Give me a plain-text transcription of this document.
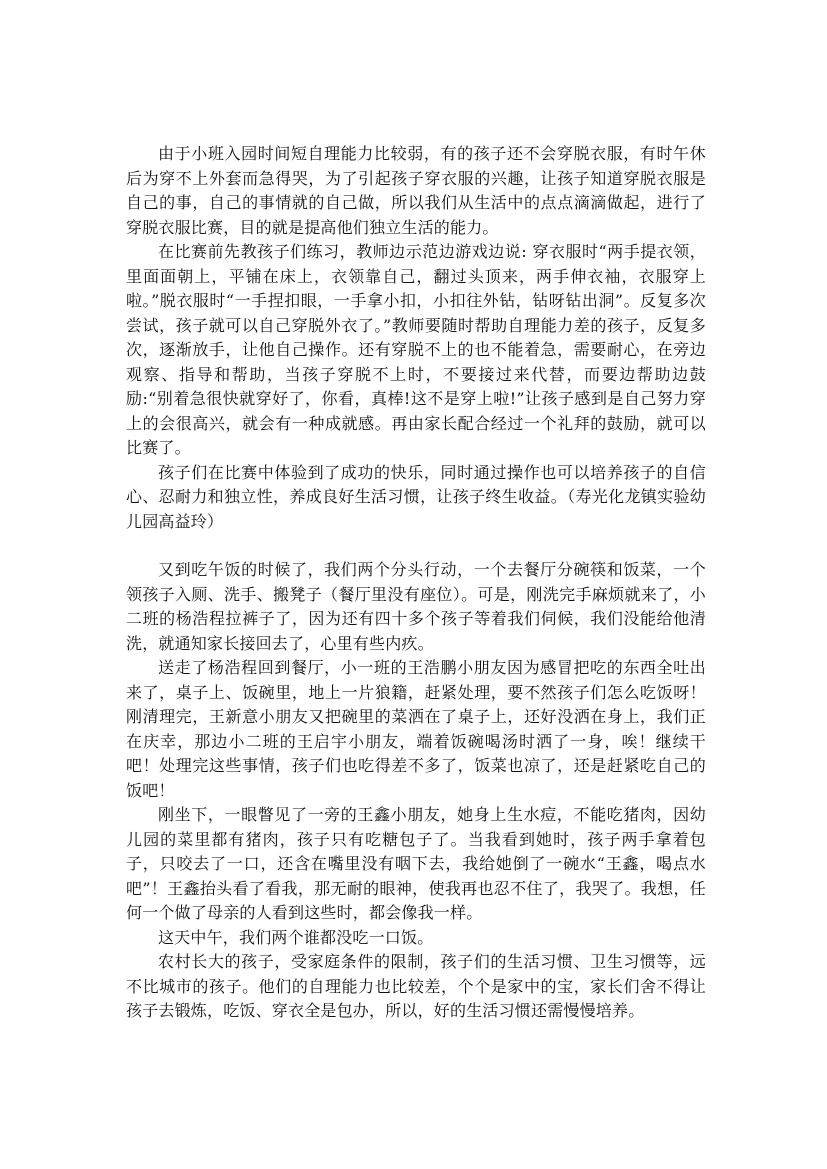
由于小班入园时间短自理能力比较弱，有的孩子还不会穿脱衣服，有时午休后为穿不上外套而急得哭，为了引起孩子穿衣服的兴趣，让孩子知道穿脱衣服是自己的事，自己的事情就的自己做，所以我们从生活中的点点滴滴做起，进行了穿脱衣服比赛，目的就是提高他们独立生活的能力。

在比赛前先教孩子们练习，教师边示范边游戏边说: 穿衣服时“两手提衣领，里面面朝上，平铺在床上，衣领靠自己，翻过头顶来，两手伸衣袖，衣服穿上啦。”脱衣服时“一手捏扣眼，一手拿小扣，小扣往外钻，钻呀钻出洞”。反复多次尝试，孩子就可以自己穿脱外衣了。”教师要随时帮助自理能力差的孩子，反复多次，逐渐放手，让他自己操作。还有穿脱不上的也不能着急，需要耐心，在旁边观察、指导和帮助，当孩子穿脱不上时，不要接过来代替，而要边帮助边鼓励:“别着急很快就穿好了，你看，真棒!这不是穿上啦!”让孩子感到是自己努力穿上的会很高兴，就会有一种成就感。再由家长配合经过一个礼拜的鼓励，就可以比赛了。

孩子们在比赛中体验到了成功的快乐，同时通过操作也可以培养孩子的自信心、忍耐力和独立性，养成良好生活习惯，让孩子终生收益。（寿光化龙镇实验幼儿园高益玲）

又到吃午饭的时候了，我们两个分头行动，一个去餐厅分碗筷和饭菜，一个领孩子入厕、洗手、搬凳子（餐厅里没有座位）。可是，刚洗完手麻烦就来了，小二班的杨浩程拉裤子了，因为还有四十多个孩子等着我们伺候，我们没能给他清洗，就通知家长接回去了，心里有些内疚。

送走了杨浩程回到餐厅，小一班的王浩鹏小朋友因为感冒把吃的东西全吐出来了，桌子上、饭碗里，地上一片狼籍，赶紧处理，要不然孩子们怎么吃饭呀！刚清理完，王新意小朋友又把碗里的菜洒在了桌子上，还好没洒在身上，我们正在庆幸，那边小二班的王启宇小朋友，端着饭碗喝汤时洒了一身，唉！继续干吧！处理完这些事情，孩子们也吃得差不多了，饭菜也凉了，还是赶紧吃自己的饭吧！

刚坐下，一眼瞥见了一旁的王鑫小朋友，她身上生水痘，不能吃猪肉，因幼儿园的菜里都有猪肉，孩子只有吃糖包子了。当我看到她时，孩子两手拿着包子，只咬去了一口，还含在嘴里没有咽下去，我给她倒了一碗水“王鑫，喝点水吧”！王鑫抬头看了看我，那无耐的眼神，使我再也忍不住了，我哭了。我想，任何一个做了母亲的人看到这些时，都会像我一样。

这天中午，我们两个谁都没吃一口饭。

农村长大的孩子，受家庭条件的限制，孩子们的生活习惯、卫生习惯等，远不比城市的孩子。他们的自理能力也比较差，个个是家中的宝，家长们舍不得让孩子去锻炼，吃饭、穿衣全是包办，所以，好的生活习惯还需慢慢培养。
